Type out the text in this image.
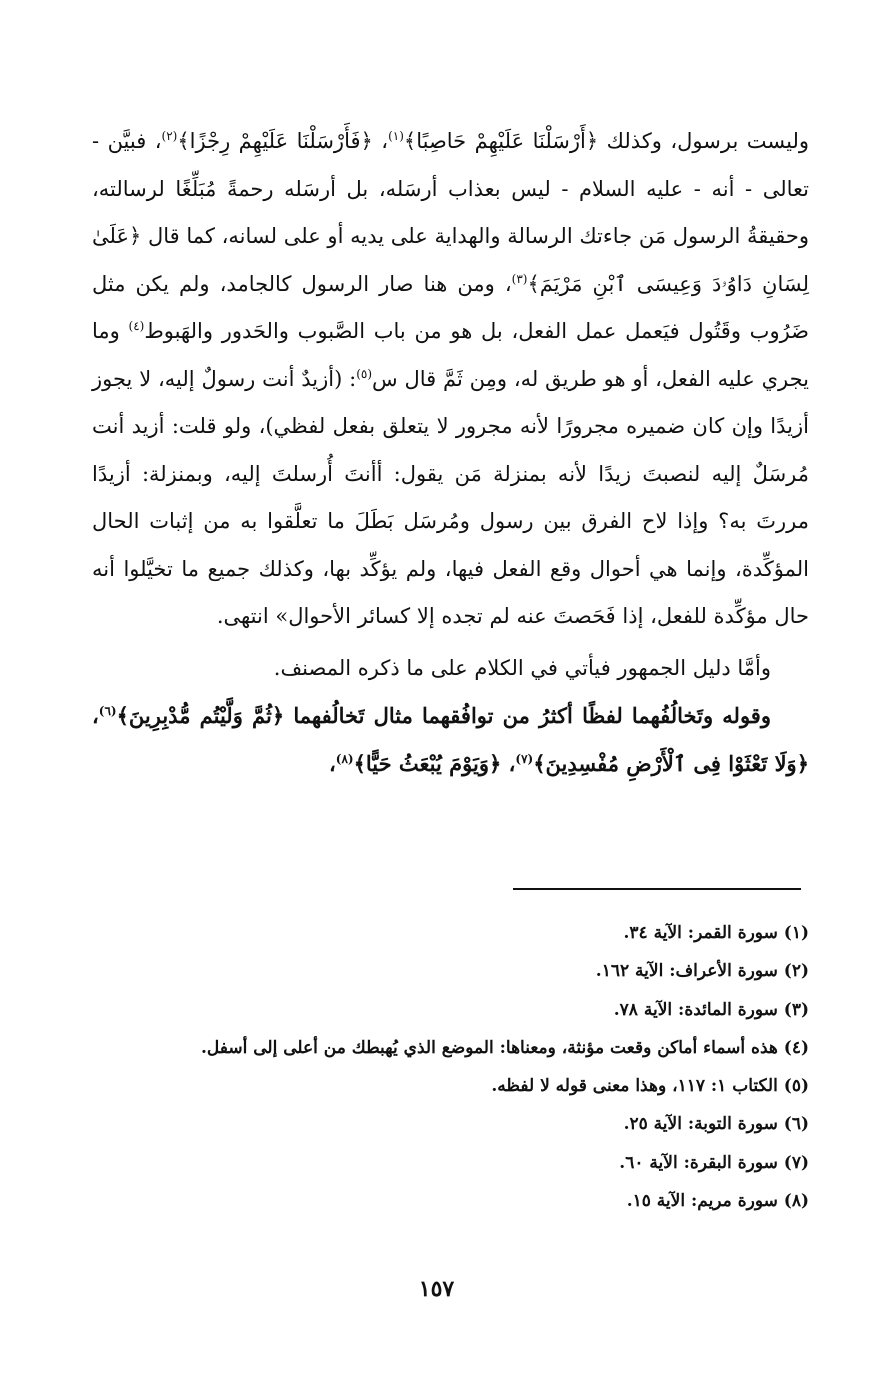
وليست برسول، وكذلك ﴿أَرْسَلْنَا عَلَيْهِمْ حَاصِبًا﴾$^{(١)}$، ﴿فَأَرْسَلْنَا عَلَيْهِمْ رِجْزًا﴾$^{(٢)}$، فبيَّن - تعالى - أنه - عليه السلام - ليس بعذاب أرسَله، بل أرسَله رحمةً مُبَلِّغًا لرسالته، وحقيقةُ الرسول مَن جاءتك الرسالة والهداية على يديه أو على لسانه، كما قال ﴿عَلَىٰ لِسَانِ دَاوُۥدَ وَعِيسَى ٱبْنِ مَرْيَمَ﴾$^{(٣)}$، ومن هنا صار الرسول كالجامد، ولم يكن مثل ضَرُوب وقَتُول فيَعمل عمل الفعل، بل هو من باب الصَّبوب والحَدور والهَبوط$^{(٤)}$ وما يجري عليه الفعل، أو هو طريق له، ومِن ثَمَّ قال س$^{(٥)}$: (أزيدٌ أنت رسولٌ إليه، لا يجوز أزيدًا وإن كان ضميره مجرورًا لأنه مجرور لا يتعلق بفعل لفظي)، ولو قلت: أزيد أنت مُرسَلٌ إليه لنصبتَ زيدًا لأنه بمنزلة مَن يقول: أأنتَ أُرسلتَ إليه، وبمنزلة: أزيدًا مررتَ به؟ وإذا لاح الفرق بين رسول ومُرسَل بَطَلَ ما تعلَّقوا به من إثبات الحال المؤكِّدة، وإنما هي أحوال وقع الفعل فيها، ولم يؤكِّد بها، وكذلك جميع ما تخيَّلوا أنه حال مؤكِّدة للفعل، إذا فَحَصتَ عنه لم تجده إلا كسائر الأحوال» انتهى.

وأمَّا دليل الجمهور فيأتي في الكلام على ما ذكره المصنف.

وقوله وتَخالُفُهما لفظًا أكثرُ من توافُقهما مثال تَخالُفهما ﴿ثُمَّ وَلَّيْتُم مُّدْبِرِينَ﴾$^{(٦)}$، ﴿وَلَا تَعْثَوْا فِى ٱلْأَرْضِ مُفْسِدِينَ﴾$^{(٧)}$، ﴿وَيَوْمَ يُبْعَثُ حَيًّا﴾$^{(٨)}$،

(١) سورة القمر: الآية ٣٤.

(٢) سورة الأعراف: الآية ١٦٢.

(٣) سورة المائدة: الآية ٧٨.

(٤) هذه أسماء أماكن وقعت مؤنثة، ومعناها: الموضع الذي يُهبطك من أعلى إلى أسفل.

(٥) الكتاب ١: ١١٧، وهذا معنى قوله لا لفظه.

(٦) سورة التوبة: الآية ٢٥.

(٧) سورة البقرة: الآية ٦٠.

(٨) سورة مريم: الآية ١٥.

١٥٧
